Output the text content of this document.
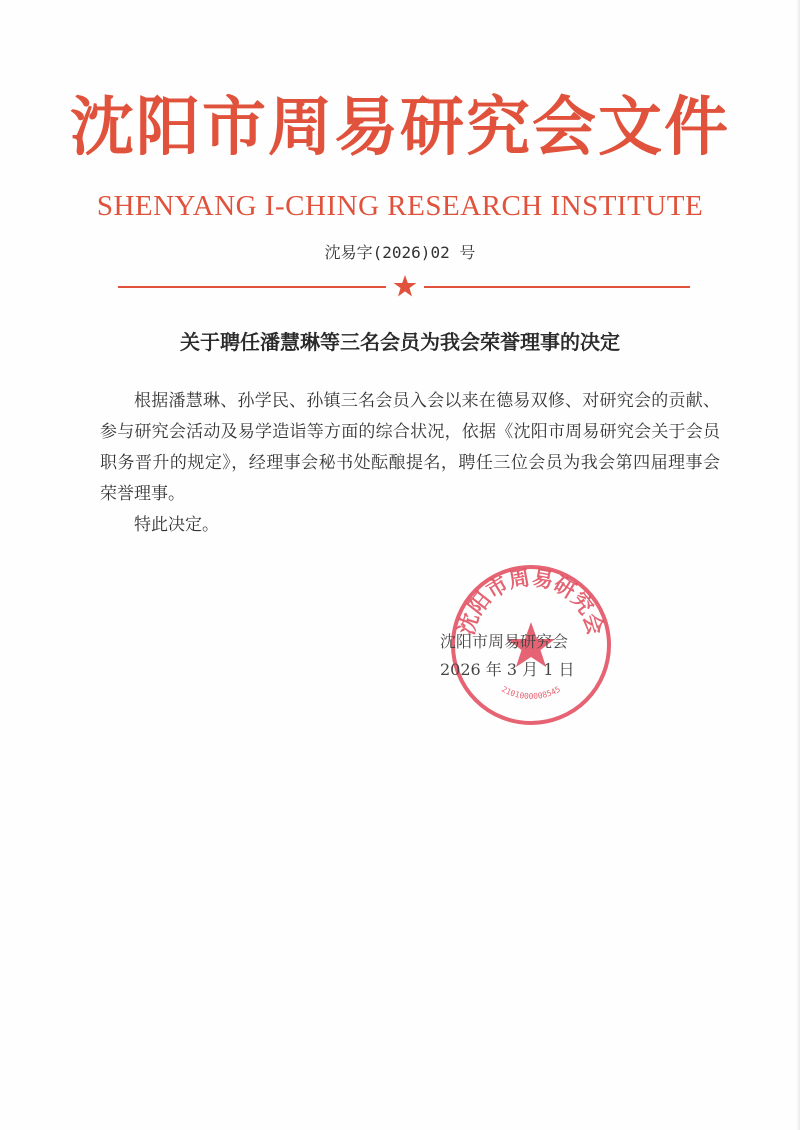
沈阳市周易研究会文件
SHENYANG I-CHING RESEARCH INSTITUTE
沈易字(2026)02 号
关于聘任潘慧琳等三名会员为我会荣誉理事的决定

根据潘慧琳、孙学民、孙镇三名会员入会以来在德易双修、对研究会的贡献、参与研究会活动及易学造诣等方面的综合状况，依据《沈阳市周易研究会关于会员职务晋升的规定》，经理事会秘书处酝酿提名，聘任三位会员为我会第四届理事会荣誉理事。

特此决定。

沈阳市周易研究会
2101000008545
沈阳市周易研究会
2026 年 3 月 1 日
